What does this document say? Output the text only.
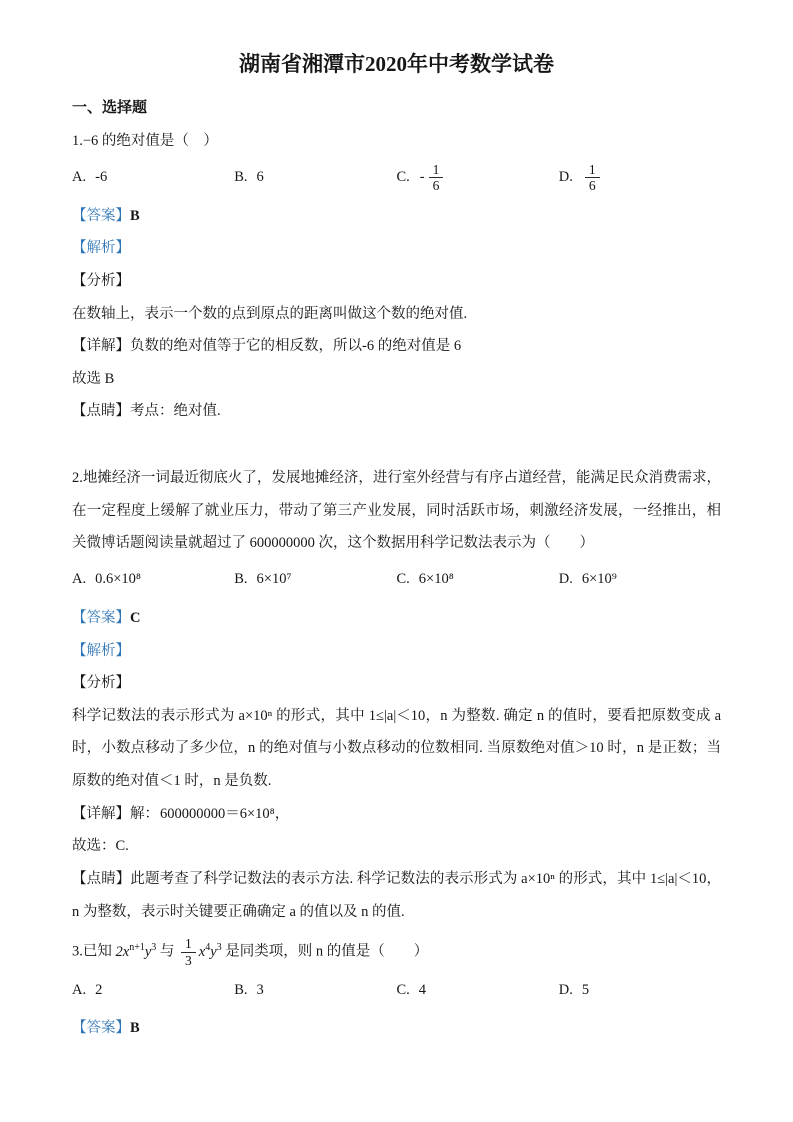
湖南省湘潭市2020年中考数学试卷
一、选择题

1.−6 的绝对值是（　）

A. -6	B. 6	C. - $\frac{1}{6}$	D. $\frac{1}{6}$

【答案】B

【解析】

【分析】

在数轴上，表示一个数的点到原点的距离叫做这个数的绝对值.

【详解】负数的绝对值等于它的相反数，所以-6 的绝对值是 6

故选 B

【点睛】考点：绝对值.

2.地摊经济一词最近彻底火了，发展地摊经济，进行室外经营与有序占道经营，能满足民众消费需求，在一定程度上缓解了就业压力，带动了第三产业发展，同时活跃市场，刺激经济发展，一经推出，相关微博话题阅读量就超过了 600000000 次，这个数据用科学记数法表示为（　　）

A. 0.6×10⁸	B. 6×10⁷	C. 6×10⁸	D. 6×10⁹

【答案】C

【解析】

【分析】

科学记数法的表示形式为 a×10ⁿ 的形式，其中 1≤|a|＜10，n 为整数. 确定 n 的值时，要看把原数变成 a 时，小数点移动了多少位，n 的绝对值与小数点移动的位数相同. 当原数绝对值＞10 时，n 是正数；当原数的绝对值＜1 时，n 是负数.

【详解】解：600000000＝6×10⁸，

故选：C.

【点睛】此题考查了科学记数法的表示方法. 科学记数法的表示形式为 a×10ⁿ 的形式，其中 1≤|a|＜10，n 为整数，表示时关键要正确确定 a 的值以及 n 的值.

3.已知 $2x^{n+1}y^3$ 与 $\frac{1}{3} x^4y^3$ 是同类项，则 n 的值是（　　）

A. 2	B. 3	C. 4	D. 5

【答案】B
